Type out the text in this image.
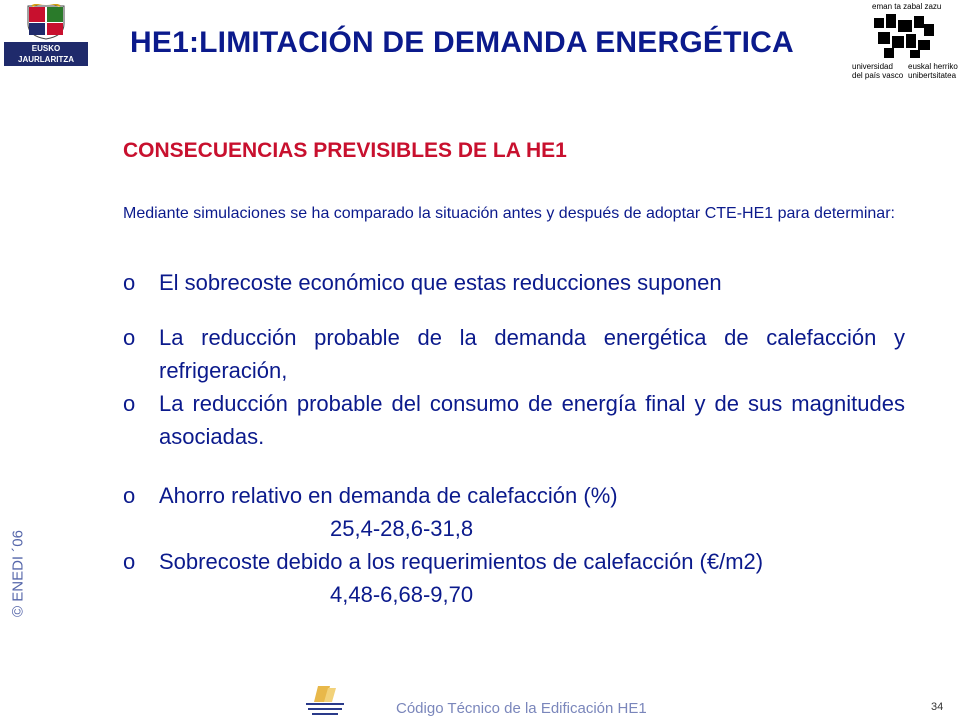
EUSKO JAURLARITZA
GOBIERNO VASCO
HE1:LIMITACIÓN DE DEMANDA ENERGÉTICA
eman ta zabal zazu
universidad
del país vasco
euskal herriko
unibertsitatea
CONSECUENCIAS PREVISIBLES DE LA HE1
Mediante simulaciones se ha comparado la situación antes y después de adoptar CTE-HE1 para determinar:
o El sobrecoste económico que estas reducciones suponen
o La reducción probable de la demanda energética de calefacción y refrigeración,
o La reducción probable del consumo de energía final y de sus magnitudes asociadas.
o Ahorro relativo en demanda de calefacción (%)
25,4-28,6-31,8
o Sobrecoste debido a los requerimientos de calefacción (€/m2)
4,48-6,68-9,70
© ENEDI ´06
Código Técnico de la Edificación HE1	34
